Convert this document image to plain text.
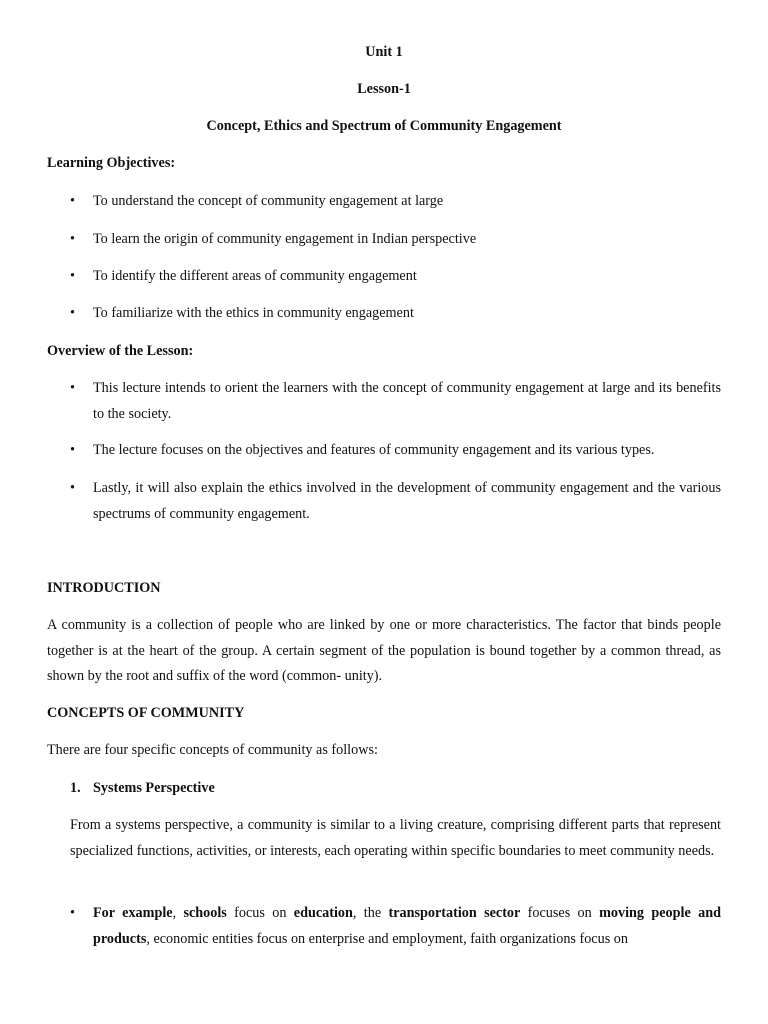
Unit 1
Lesson-1
Concept, Ethics and Spectrum of Community Engagement
Learning Objectives:
• To understand the concept of community engagement at large
• To learn the origin of community engagement in Indian perspective
• To identify the different areas of community engagement
• To familiarize with the ethics in community engagement
Overview of the Lesson:
• This lecture intends to orient the learners with the concept of community engagement at large and its benefits to the society.
• The lecture focuses on the objectives and features of community engagement and its various types.
• Lastly, it will also explain the ethics involved in the development of community engagement and the various spectrums of community engagement.
INTRODUCTION
A community is a collection of people who are linked by one or more characteristics. The factor that binds people together is at the heart of the group. A certain segment of the population is bound together by a common thread, as shown by the root and suffix of the word (common- unity).
CONCEPTS OF COMMUNITY
There are four specific concepts of community as follows:
1. Systems Perspective
From a systems perspective, a community is similar to a living creature, comprising different parts that represent specialized functions, activities, or interests, each operating within specific boundaries to meet community needs.
• For example, schools focus on education, the transportation sector focuses on moving people and products, economic entities focus on enterprise and employment, faith organizations focus on
